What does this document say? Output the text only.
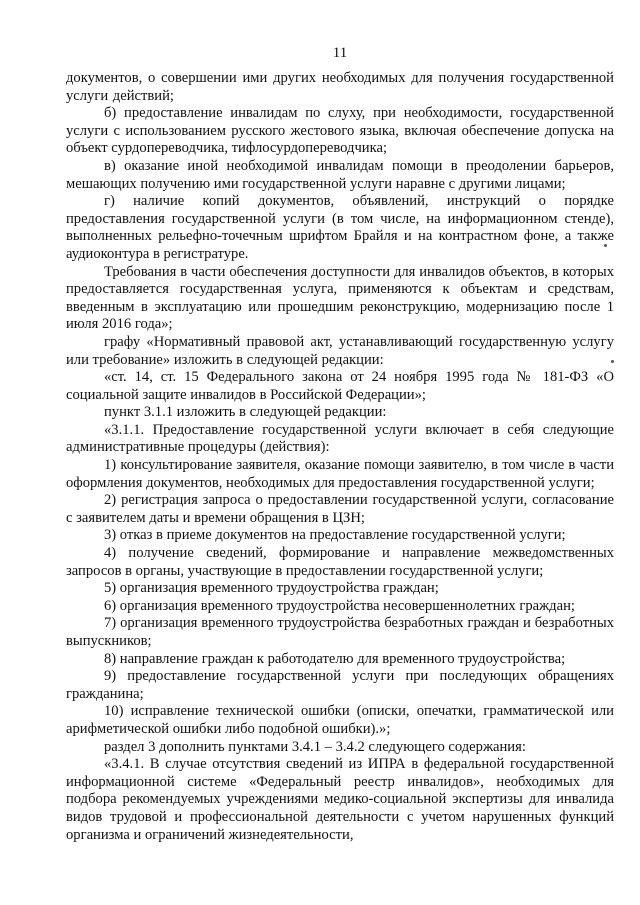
11

документов, о совершении ими других необходимых для получения государственной услуги действий;

б) предоставление инвалидам по слуху, при необходимости, государственной услуги с использованием русского жестового языка, включая обеспечение допуска на объект сурдопереводчика, тифлосурдопереводчика;

в) оказание иной необходимой инвалидам помощи в преодолении барьеров, мешающих получению ими государственной услуги наравне с другими лицами;

г) наличие копий документов, объявлений, инструкций о порядке предоставления государственной услуги (в том числе, на информационном стенде), выполненных рельефно-точечным шрифтом Брайля и на контрастном фоне, а также аудиоконтура в регистратуре.

Требования в части обеспечения доступности для инвалидов объектов, в которых предоставляется государственная услуга, применяются к объектам и средствам, введенным в эксплуатацию или прошедшим реконструкцию, модернизацию после 1 июля 2016 года»;

графу «Нормативный правовой акт, устанавливающий государственную услугу или требование» изложить в следующей редакции:

«ст. 14, ст. 15 Федерального закона от 24 ноября 1995 года № 181-ФЗ «О социальной защите инвалидов в Российской Федерации»;

пункт 3.1.1 изложить в следующей редакции:

«3.1.1. Предоставление государственной услуги включает в себя следующие административные процедуры (действия):

1) консультирование заявителя, оказание помощи заявителю, в том числе в части оформления документов, необходимых для предоставления государственной услуги;

2) регистрация запроса о предоставлении государственной услуги, согласование с заявителем даты и времени обращения в ЦЗН;

3) отказ в приеме документов на предоставление государственной услуги;

4) получение сведений, формирование и направление межведомственных запросов в органы, участвующие в предоставлении государственной услуги;

5) организация временного трудоустройства граждан;

6) организация временного трудоустройства несовершеннолетних граждан;

7) организация временного трудоустройства безработных граждан и безработных выпускников;

8) направление граждан к работодателю для временного трудоустройства;

9) предоставление государственной услуги при последующих обращениях гражданина;

10) исправление технической ошибки (описки, опечатки, грамматической или арифметической ошибки либо подобной ошибки).»;

раздел 3 дополнить пунктами 3.4.1 – 3.4.2 следующего содержания:

«3.4.1. В случае отсутствия сведений из ИПРА в федеральной государственной информационной системе «Федеральный реестр инвалидов», необходимых для подбора рекомендуемых учреждениями медико-социальной экспертизы для инвалида видов трудовой и профессиональной деятельности с учетом нарушенных функций организма и ограничений жизнедеятельности,
